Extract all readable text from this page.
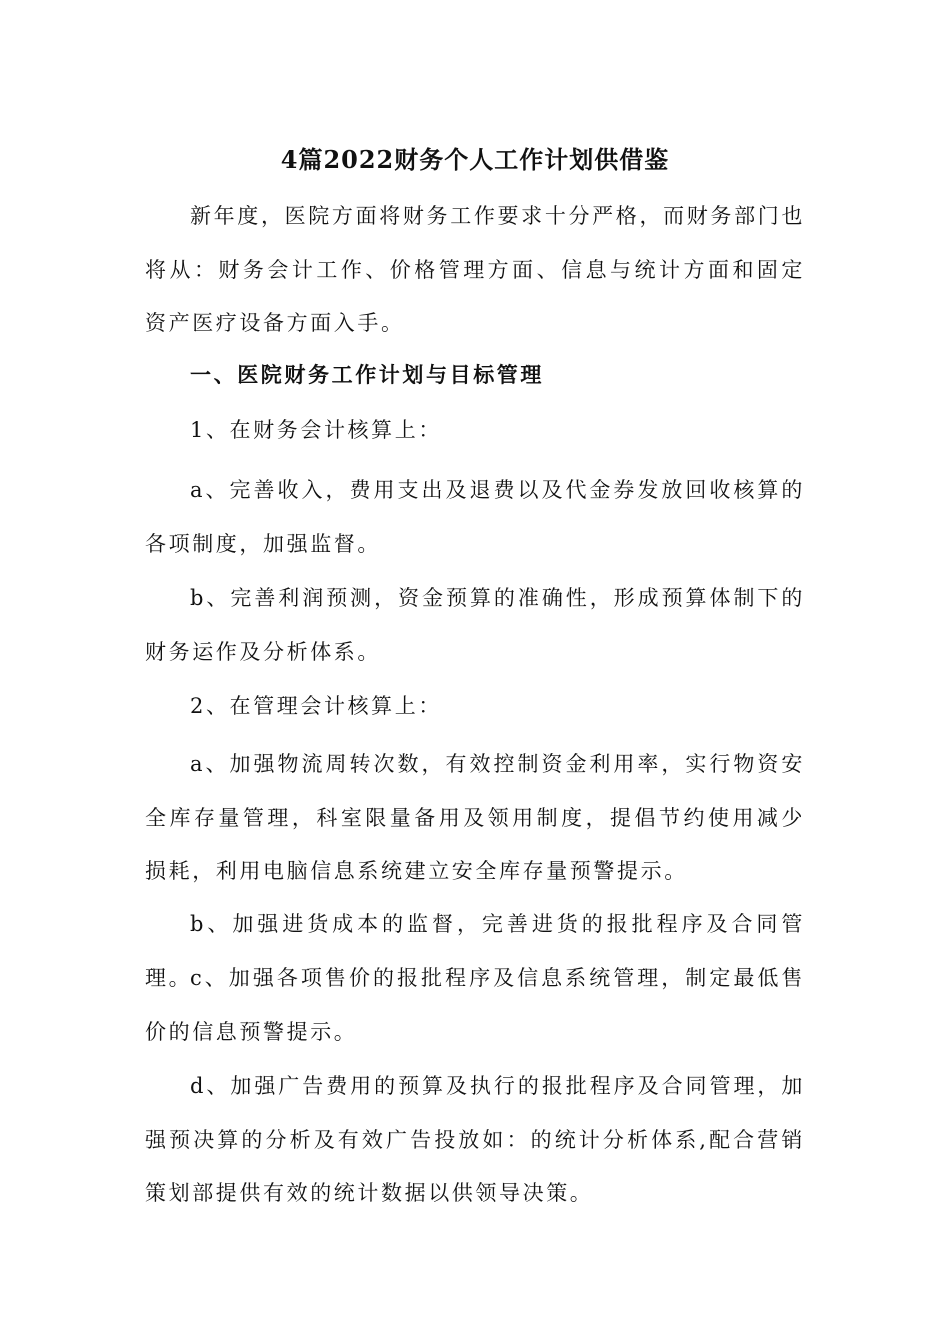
4篇2022财务个人工作计划供借鉴

新年度，医院方面将财务工作要求十分严格，而财务部门也将从：财务会计工作、价格管理方面、信息与统计方面和固定资产医疗设备方面入手。

一、医院财务工作计划与目标管理

1、在财务会计核算上：

a、完善收入，费用支出及退费以及代金券发放回收核算的各项制度，加强监督。

b、完善利润预测，资金预算的准确性，形成预算体制下的财务运作及分析体系。

2、在管理会计核算上：

a、加强物流周转次数，有效控制资金利用率，实行物资安全库存量管理，科室限量备用及领用制度，提倡节约使用减少损耗，利用电脑信息系统建立安全库存量预警提示。

b、加强进货成本的监督，完善进货的报批程序及合同管理。

c、加强各项售价的报批程序及信息系统管理，制定最低售价的信息预警提示。

d、加强广告费用的预算及执行的报批程序及合同管理，加强预决算的分析及有效广告投放如：的统计分析体系,配合营销策划部提供有效的统计数据以供领导决策。
